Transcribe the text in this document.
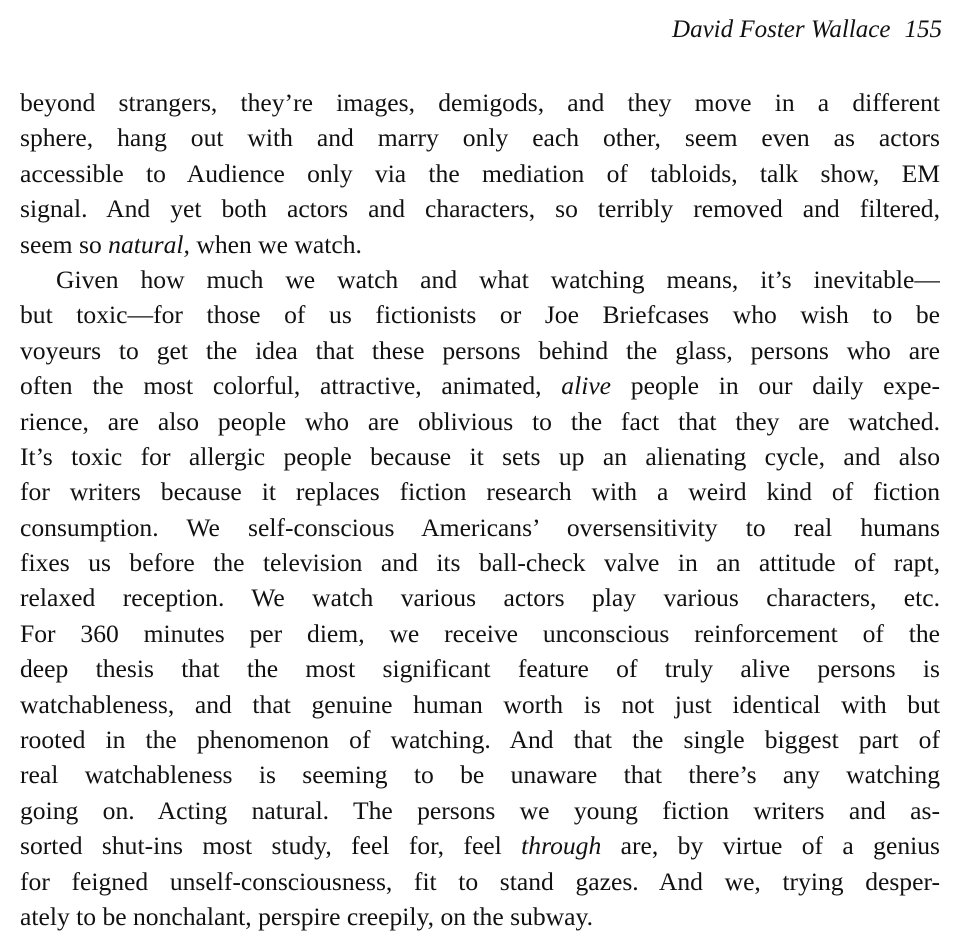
David Foster Wallace 155
beyond strangers, they’re images, demigods, and they move in a different
sphere, hang out with and marry only each other, seem even as actors
accessible to Audience only via the mediation of tabloids, talk show, EM
signal. And yet both actors and characters, so terribly removed and filtered,
seem so natural, when we watch.
Given how much we watch and what watching means, it’s inevitable—
but toxic—for those of us fictionists or Joe Briefcases who wish to be
voyeurs to get the idea that these persons behind the glass, persons who are
often the most colorful, attractive, animated, alive people in our daily expe-
rience, are also people who are oblivious to the fact that they are watched.
It’s toxic for allergic people because it sets up an alienating cycle, and also
for writers because it replaces fiction research with a weird kind of fiction
consumption. We self-conscious Americans’ oversensitivity to real humans
fixes us before the television and its ball-check valve in an attitude of rapt,
relaxed reception. We watch various actors play various characters, etc.
For 360 minutes per diem, we receive unconscious reinforcement of the
deep thesis that the most significant feature of truly alive persons is
watchableness, and that genuine human worth is not just identical with but
rooted in the phenomenon of watching. And that the single biggest part of
real watchableness is seeming to be unaware that there’s any watching
going on. Acting natural. The persons we young fiction writers and as-
sorted shut-ins most study, feel for, feel through are, by virtue of a genius
for feigned unself-consciousness, fit to stand gazes. And we, trying desper-
ately to be nonchalant, perspire creepily, on the subway.
